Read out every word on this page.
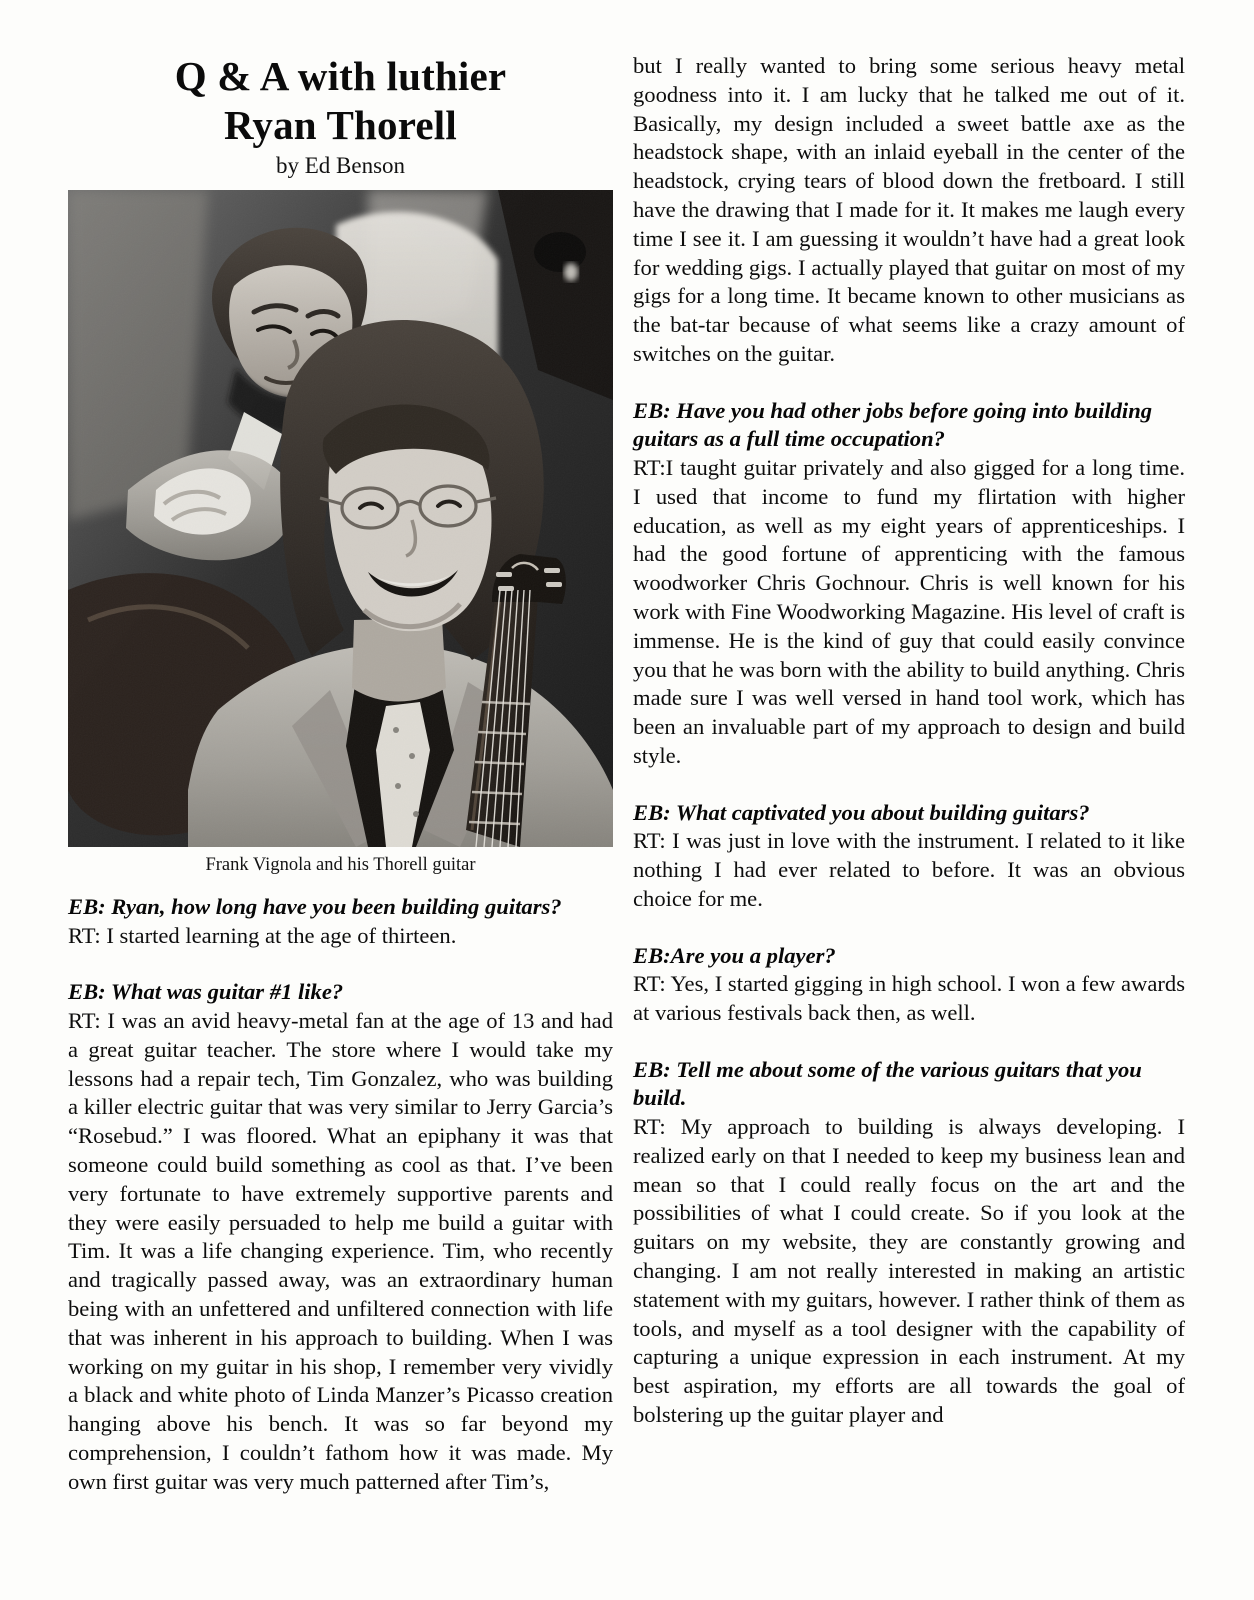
Q & A with luthier
Ryan Thorell
by Ed Benson
Frank Vignola and his Thorell guitar

EB: Ryan, how long have you been building guitars?

RT: I started learning at the age of thirteen.

EB: What was guitar #1 like?

RT: I was an avid heavy-metal fan at the age of 13 and had a great guitar teacher. The store where I would take my lessons had a repair tech, Tim Gonzalez, who was building a killer electric guitar that was very similar to Jerry Garcia’s “Rosebud.” I was floored. What an epiphany it was that someone could build something as cool as that. I’ve been very fortunate to have extremely supportive parents and they were easily persuaded to help me build a guitar with Tim. It was a life changing experience. Tim, who recently and tragically passed away, was an extraordinary human being with an unfettered and unfiltered connection with life that was inherent in his approach to building. When I was working on my guitar in his shop, I remember very vividly a black and white photo of Linda Manzer’s Picasso creation hanging above his bench. It was so far beyond my comprehension, I couldn’t fathom how it was made. My own first guitar was very much patterned after Tim’s,

but I really wanted to bring some serious heavy metal goodness into it. I am lucky that he talked me out of it. Basically, my design included a sweet battle axe as the headstock shape, with an inlaid eyeball in the center of the headstock, crying tears of blood down the fretboard. I still have the drawing that I made for it. It makes me laugh every time I see it. I am guessing it wouldn’t have had a great look for wedding gigs. I actually played that guitar on most of my gigs for a long time. It became known to other musicians as the bat-tar because of what seems like a crazy amount of switches on the guitar.

EB: Have you had other jobs before going into building guitars as a full time occupation?

RT:I taught guitar privately and also gigged for a long time. I used that income to fund my flirtation with higher education, as well as my eight years of apprenticeships. I had the good fortune of apprenticing with the famous woodworker Chris Gochnour. Chris is well known for his work with Fine Woodworking Magazine. His level of craft is immense. He is the kind of guy that could easily convince you that he was born with the ability to build anything. Chris made sure I was well versed in hand tool work, which has been an invaluable part of my approach to design and build style.

EB: What captivated you about building guitars?

RT: I was just in love with the instrument. I related to it like nothing I had ever related to before. It was an obvious choice for me.

EB:Are you a player?

RT: Yes, I started gigging in high school. I won a few awards at various festivals back then, as well.

EB: Tell me about some of the various guitars that you build.

RT: My approach to building is always developing. I realized early on that I needed to keep my business lean and mean so that I could really focus on the art and the possibilities of what I could create. So if you look at the guitars on my website, they are constantly growing and changing. I am not really interested in making an artistic statement with my guitars, however. I rather think of them as tools, and myself as a tool designer with the capability of capturing a unique expression in each instrument. At my best aspiration, my efforts are all towards the goal of bolstering up the guitar player and
